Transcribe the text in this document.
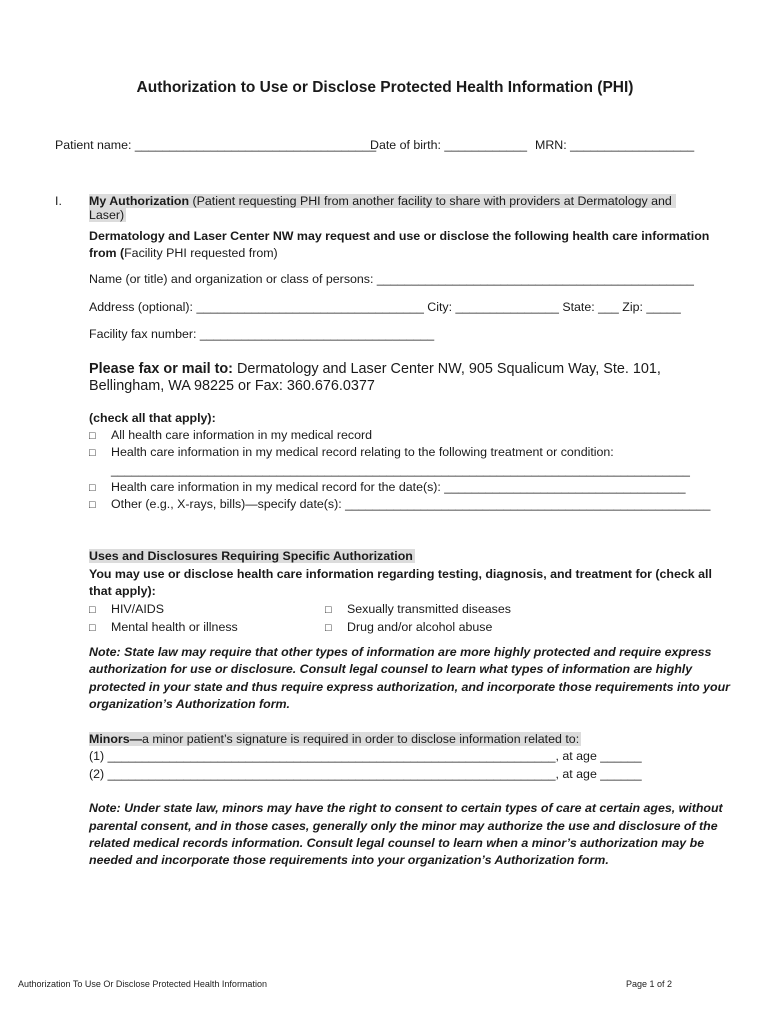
Authorization to Use or Disclose Protected Health Information (PHI)
Patient name: ___________________________________
Date of birth: ____________ MRN: __________________
I. My Authorization (Patient requesting PHI from another facility to share with providers at Dermatology and
Laser)
Dermatology and Laser Center NW may request and use or disclose the following health care information
from (Facility PHI requested from)
Name (or title) and organization or class of persons: ______________________________________________
Address (optional): _________________________________ City: _______________ State: ___ Zip: _____
Facility fax number: __________________________________
Please fax or mail to: Dermatology and Laser Center NW, 905 Squalicum Way, Ste. 101,
Bellingham, WA 98225 or Fax: 360.676.0377
(check all that apply):
□ All health care information in my medical record
□ Health care information in my medical record relating to the following treatment or condition:
____________________________________________________________________________________
□ Health care information in my medical record for the date(s): ___________________________________
□ Other (e.g., X-rays, bills)—specify date(s): _____________________________________________________
Uses and Disclosures Requiring Specific Authorization
You may use or disclose health care information regarding testing, diagnosis, and treatment for (check all
that apply):
□ HIV/AIDS	□ Sexually transmitted diseases
□ Mental health or illness	□ Drug and/or alcohol abuse
Note: State law may require that other types of information are more highly protected and require express
authorization for use or disclosure. Consult legal counsel to learn what types of information are highly
protected in your state and thus require express authorization, and incorporate those requirements into your
organization’s Authorization form.
Minors—a minor patient’s signature is required in order to disclose information related to:
(1) _________________________________________________________________, at age ______
(2) _________________________________________________________________, at age ______
Note: Under state law, minors may have the right to consent to certain types of care at certain ages, without
parental consent, and in those cases, generally only the minor may authorize the use and disclosure of the
related medical records information. Consult legal counsel to learn when a minor’s authorization may be
needed and incorporate those requirements into your organization’s Authorization form.
Authorization To Use Or Disclose Protected Health Information	Page 1 of 2
